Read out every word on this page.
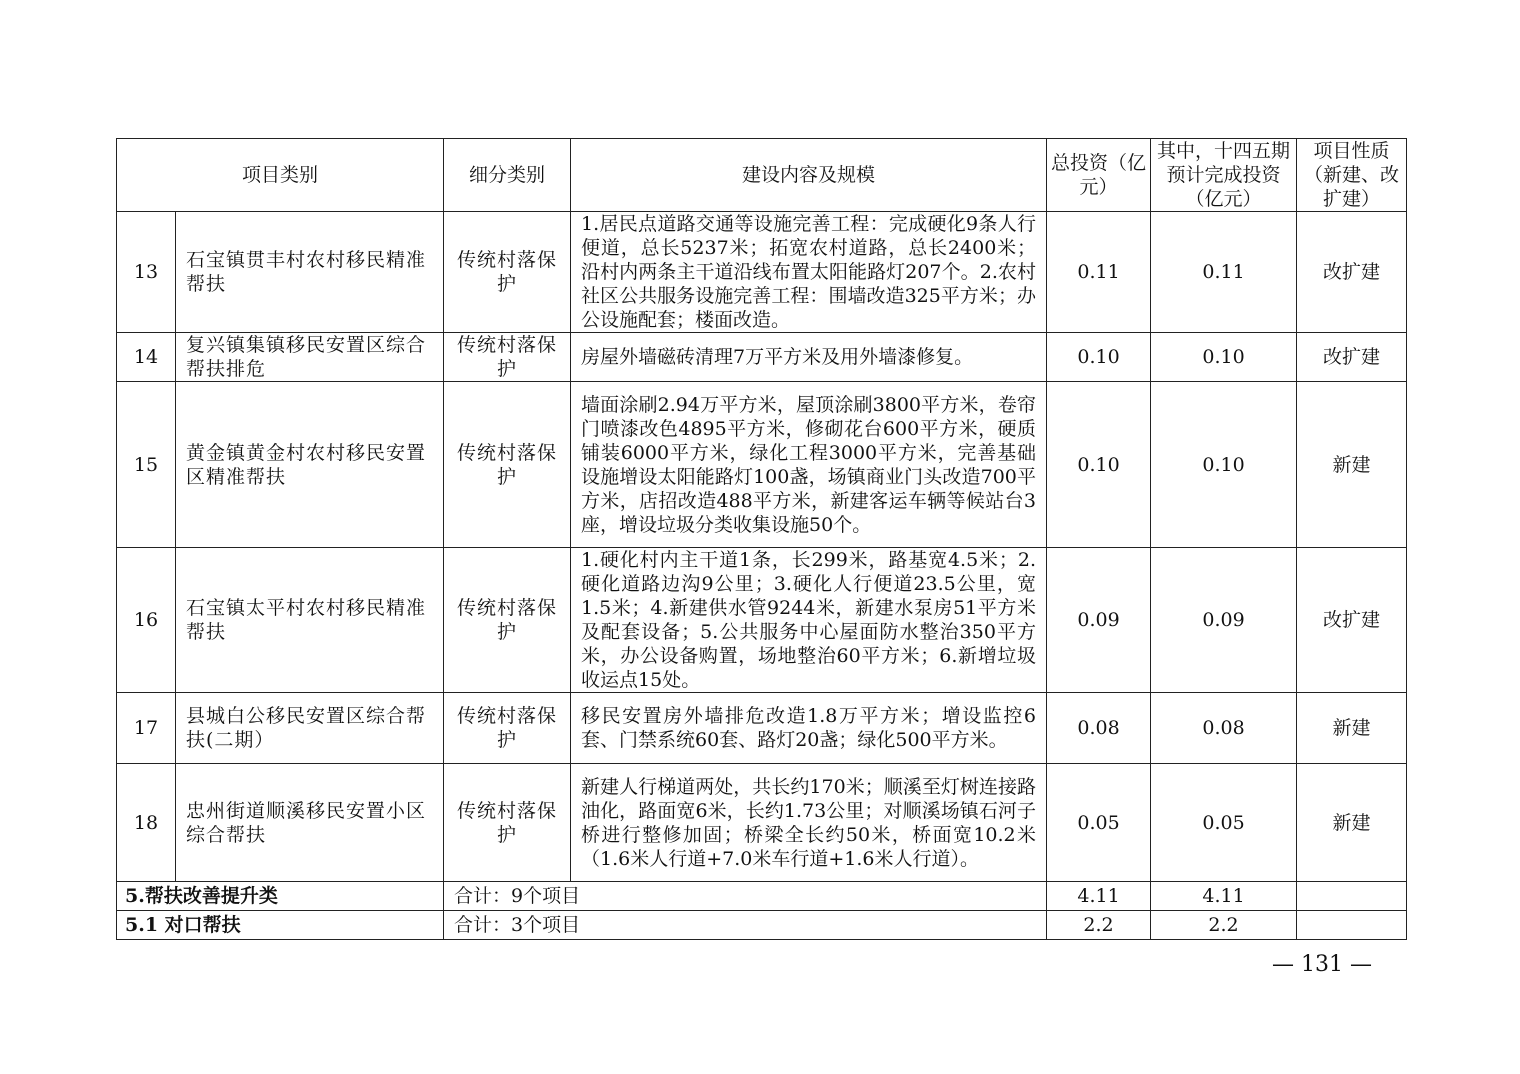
项目类别		细分类别	建设内容及规模	总投资（亿元）	其中，十四五期预计完成投资（亿元）	项目性质（新建、改扩建）
13	石宝镇贯丰村农村移民精准帮扶	传统村落保护	1.居民点道路交通等设施完善工程：完成硬化9条人行便道，总长5237米；拓宽农村道路，总长2400米；沿村内两条主干道沿线布置太阳能路灯207个。2.农村社区公共服务设施完善工程：围墙改造325平方米；办公设施配套；楼面改造。	0.11	0.11	改扩建
14	复兴镇集镇移民安置区综合帮扶排危	传统村落保护	房屋外墙磁砖清理7万平方米及用外墙漆修复。	0.10	0.10	改扩建
15	黄金镇黄金村农村移民安置区精准帮扶	传统村落保护	墙面涂刷2.94万平方米，屋顶涂刷3800平方米，卷帘门喷漆改色4895平方米，修砌花台600平方米，硬质铺装6000平方米，绿化工程3000平方米，完善基础设施增设太阳能路灯100盏，场镇商业门头改造700平方米，店招改造488平方米，新建客运车辆等候站台3座，增设垃圾分类收集设施50个。	0.10	0.10	新建
16	石宝镇太平村农村移民精准帮扶	传统村落保护	1.硬化村内主干道1条，长299米，路基宽4.5米；2.硬化道路边沟9公里；3.硬化人行便道23.5公里，宽1.5米；4.新建供水管9244米，新建水泵房51平方米及配套设备；5.公共服务中心屋面防水整治350平方米，办公设备购置，场地整治60平方米；6.新增垃圾收运点15处。	0.09	0.09	改扩建
17	县城白公移民安置区综合帮扶(二期）	传统村落保护	移民安置房外墙排危改造1.8万平方米；增设监控6套、门禁系统60套、路灯20盏；绿化500平方米。	0.08	0.08	新建
18	忠州街道顺溪移民安置小区综合帮扶	传统村落保护	新建人行梯道两处，共长约170米；顺溪至灯树连接路油化，路面宽6米，长约1.73公里；对顺溪场镇石河子桥进行整修加固；桥梁全长约50米，桥面宽10.2米（1.6米人行道+7.0米车行道+1.6米人行道）。	0.05	0.05	新建
5.帮扶改善提升类		合计：9个项目		4.11	4.11	
5.1 对口帮扶		合计：3个项目		2.2	2.2	
— 131 —
